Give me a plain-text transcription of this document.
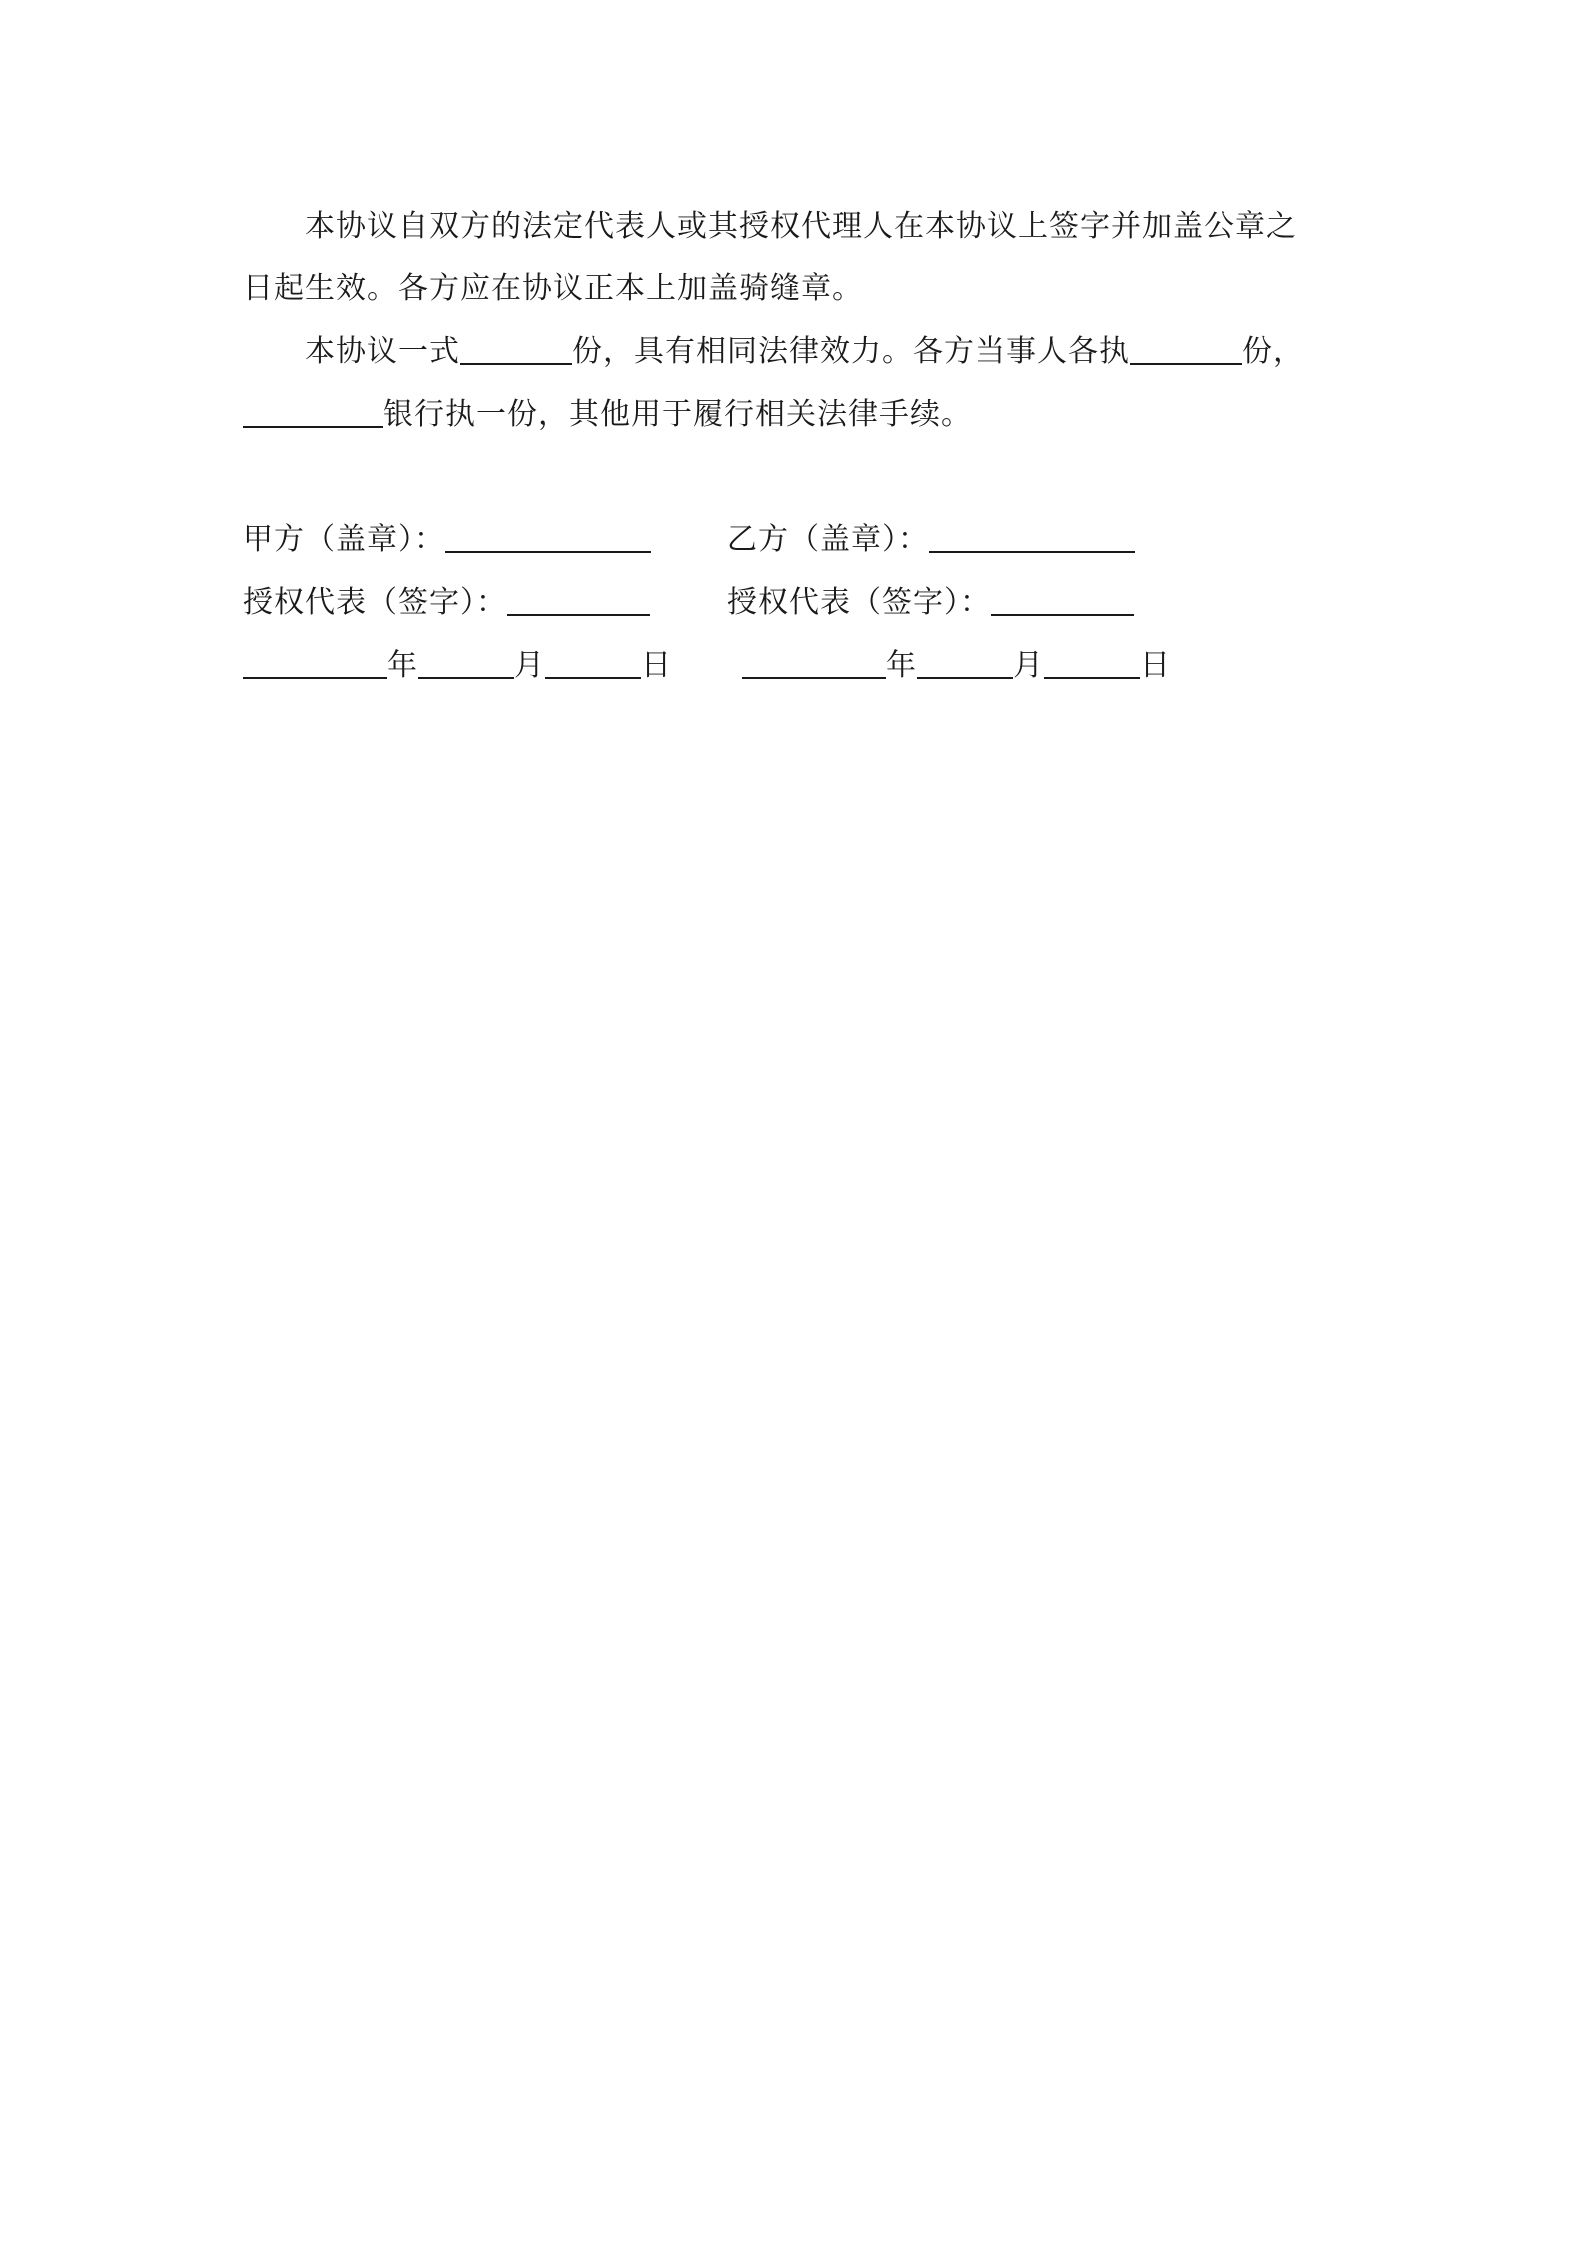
本协议自双方的法定代表人或其授权代理人在本协议上签字并加盖公章之
日起生效。各方应在协议正本上加盖骑缝章。
本协议一式	份，具有相同法律效力。各方当事人各执	份，
银行执一份，其他用于履行相关法律手续。
甲方（盖章）：
授权代表（签字）：
年	月	日
乙方（盖章）：
授权代表（签字）：
年	月	日
